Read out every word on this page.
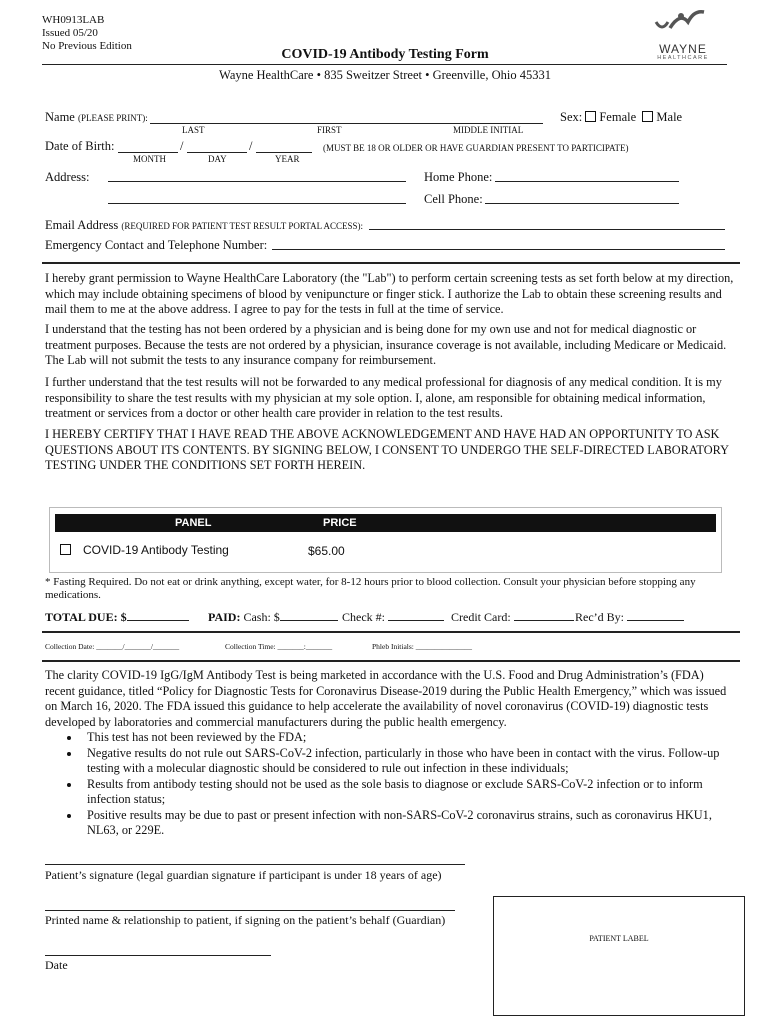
WH0913LAB
Issued 05/20
No Previous Edition	WAYNE
HEALTHCARE
COVID-19 Antibody Testing Form
Wayne HealthCare • 835 Sweitzer Street • Greenville, Ohio 45331
Name (PLEASE PRINT):	Sex: Female Male
LAST	FIRST	MIDDLE INITIAL
Date of Birth:	/	/	(MUST BE 18 OR OLDER OR HAVE GUARDIAN PRESENT TO PARTICIPATE)
MONTH	DAY	YEAR
Address:	Home Phone:
Cell Phone:
Email Address (REQUIRED FOR PATIENT TEST RESULT PORTAL ACCESS):
Emergency Contact and Telephone Number:

I hereby grant permission to Wayne HealthCare Laboratory (the "Lab") to perform certain screening tests as set forth below at my direction, which may include obtaining specimens of blood by venipuncture or finger stick. I authorize the Lab to obtain these screening results and mail them to me at the above address. I agree to pay for the tests in full at the time of service.

I understand that the testing has not been ordered by a physician and is being done for my own use and not for medical diagnostic or treatment purposes. Because the tests are not ordered by a physician, insurance coverage is not available, including Medicare or Medicaid. The Lab will not submit the tests to any insurance company for reimbursement.

I further understand that the test results will not be forwarded to any medical professional for diagnosis of any medical condition. It is my responsibility to share the test results with my physician at my sole option. I, alone, am responsible for obtaining medical information, treatment or services from a doctor or other health care provider in relation to the test results.

I HEREBY CERTIFY THAT I HAVE READ THE ABOVE ACKNOWLEDGEMENT AND HAVE HAD AN OPPORTUNITY TO ASK QUESTIONS ABOUT ITS CONTENTS. BY SIGNING BELOW, I CONSENT TO UNDERGO THE SELF-DIRECTED LABORATORY TESTING UNDER THE CONDITIONS SET FORTH HEREIN.

PANEL	PRICE
COVID-19 Antibody Testing	$65.00
* Fasting Required. Do not eat or drink anything, except water, for 8-12 hours prior to blood collection. Consult your physician before stopping any medications.
TOTAL DUE: $	PAID: Cash: $	Check #:	Credit Card:	Rec’d By:
Collection Date: _______/_______/_______	Collection Time: _______:_______	Phleb Initials: _______________
The clarity COVID-19 IgG/IgM Antibody Test is being marketed in accordance with the U.S. Food and Drug Administration’s (FDA) recent guidance, titled “Policy for Diagnostic Tests for Coronavirus Disease-2019 during the Public Health Emergency,” which was issued on March 16, 2020. The FDA issued this guidance to help accelerate the availability of novel coronavirus (COVID-19) diagnostic tests developed by laboratories and commercial manufacturers during the public health emergency.
• This test has not been reviewed by the FDA;
• Negative results do not rule out SARS-CoV-2 infection, particularly in those who have been in contact with the virus. Follow-up testing with a molecular diagnostic should be considered to rule out infection in these individuals;
• Results from antibody testing should not be used as the sole basis to diagnose or exclude SARS-CoV-2 infection or to inform infection status;
• Positive results may be due to past or present infection with non-SARS-CoV-2 coronavirus strains, such as coronavirus HKU1, NL63, or 229E.
Patient’s signature (legal guardian signature if participant is under 18 years of age)
Printed name & relationship to patient, if signing on the patient’s behalf (Guardian)
Date
PATIENT LABEL
